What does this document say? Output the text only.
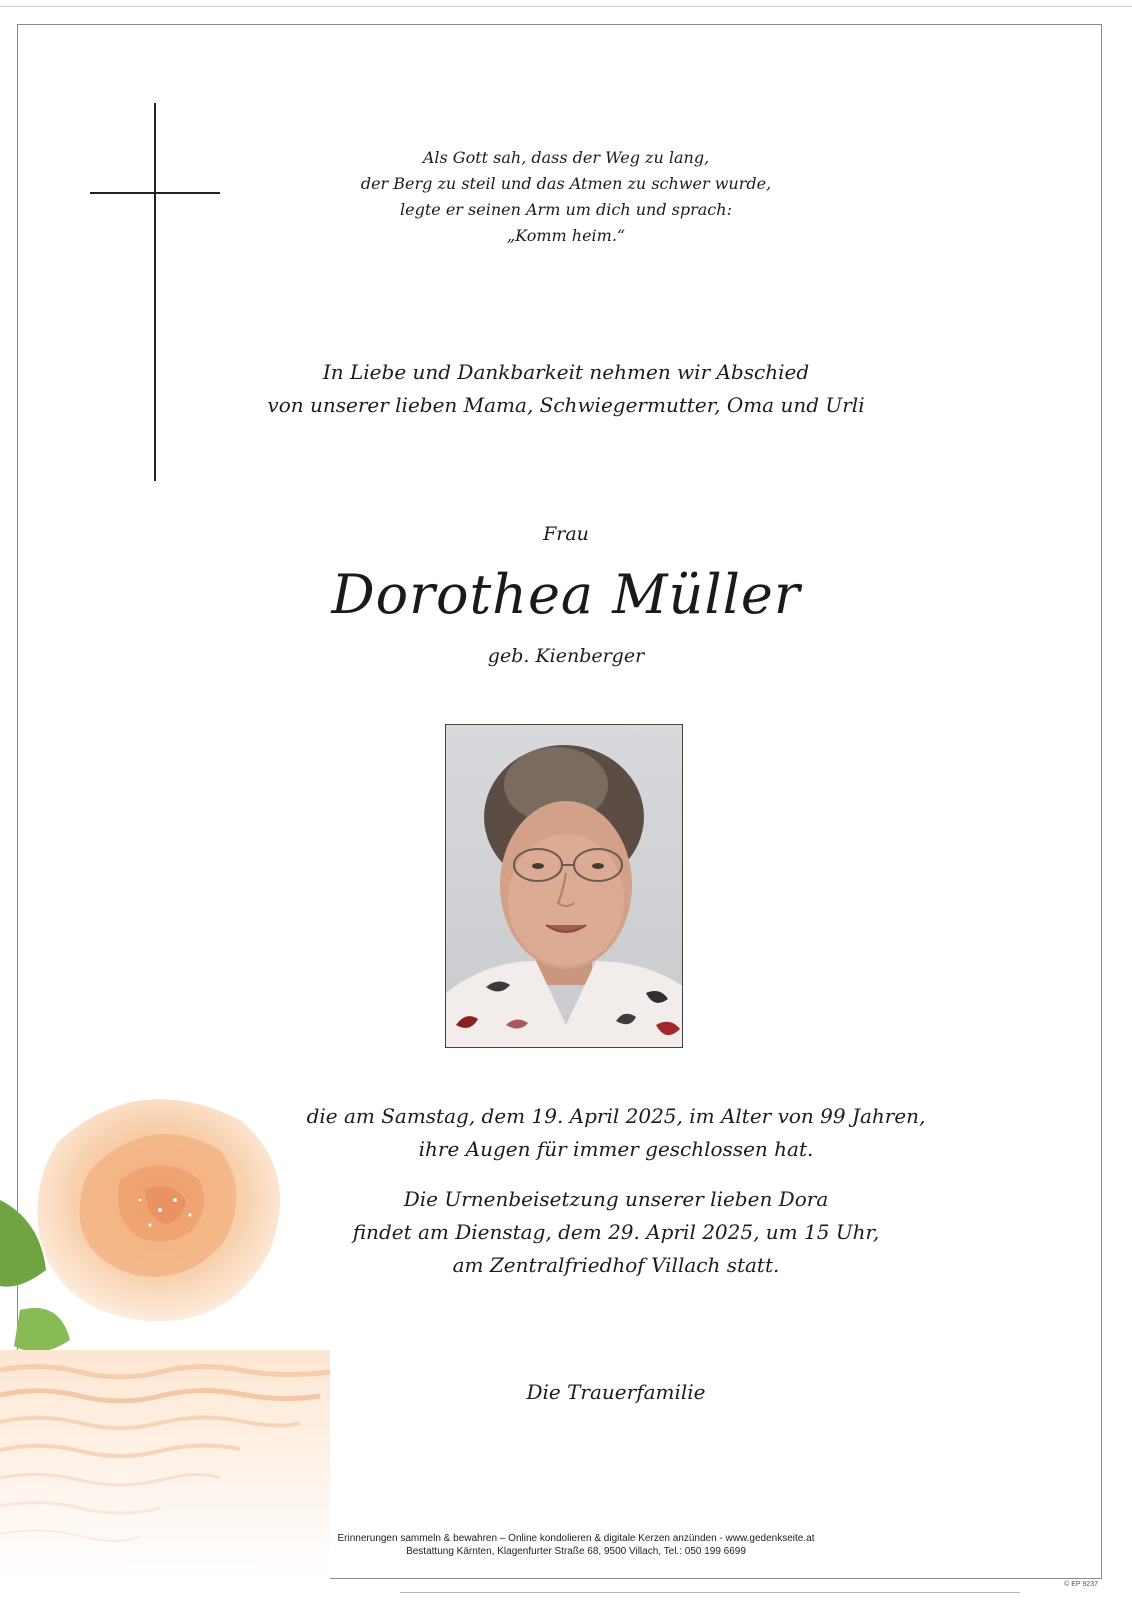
Als Gott sah, dass der Weg zu lang,
der Berg zu steil und das Atmen zu schwer wurde,
legte er seinen Arm um dich und sprach:
„Komm heim.“
In Liebe und Dankbarkeit nehmen wir Abschied
von unserer lieben Mama, Schwiegermutter, Oma und Urli
Frau
Dorothea Müller
geb. Kienberger
die am Samstag, dem 19. April 2025, im Alter von 99 Jahren,
ihre Augen für immer geschlossen hat.
Die Urnenbeisetzung unserer lieben Dora
findet am Dienstag, dem 29. April 2025, um 15 Uhr,
am Zentralfriedhof Villach statt.
Die Trauerfamilie
Erinnerungen sammeln & bewahren – Online kondolieren & digitale Kerzen anzünden - www.gedenkseite.at
Bestattung Kärnten, Klagenfurter Straße 68, 9500 Villach, Tel.: 050 199 6699
© EP 9237
